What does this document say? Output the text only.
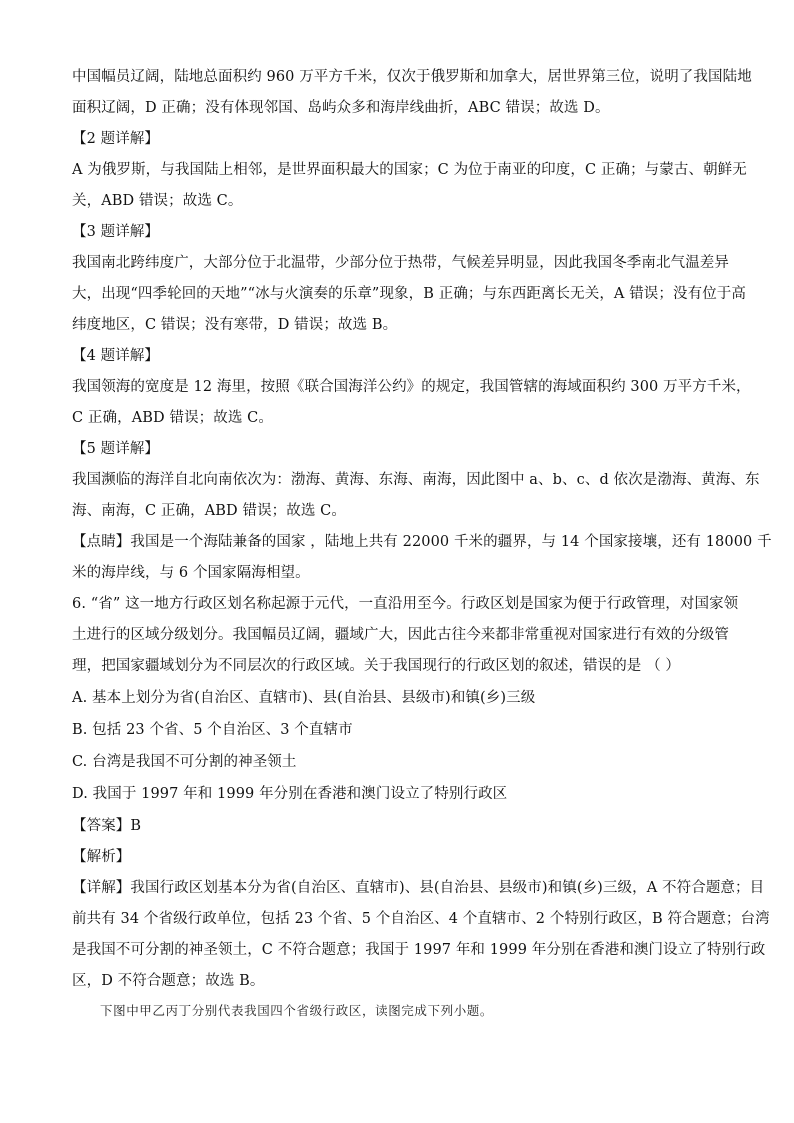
中国幅员辽阔，陆地总面积约 960 万平方千米，仅次于俄罗斯和加拿大，居世界第三位，说明了我国陆地
面积辽阔，D 正确；没有体现邻国、岛屿众多和海岸线曲折，ABC 错误；故选 D。
【2 题详解】
A 为俄罗斯，与我国陆上相邻，是世界面积最大的国家；C 为位于南亚的印度，C 正确；与蒙古、朝鲜无
关，ABD 错误；故选 C。
【3 题详解】
我国南北跨纬度广，大部分位于北温带，少部分位于热带，气候差异明显，因此我国冬季南北气温差异
大，出现“四季轮回的天地”“冰与火演奏的乐章”现象，B 正确；与东西距离长无关，A 错误；没有位于高
纬度地区，C 错误；没有寒带，D 错误；故选 B。
【4 题详解】
我国领海的宽度是 12 海里，按照《联合国海洋公约》的规定，我国管辖的海域面积约 300 万平方千米，
C 正确，ABD 错误；故选 C。
【5 题详解】
我国濒临的海洋自北向南依次为：渤海、黄海、东海、南海，因此图中 a、b、c、d 依次是渤海、黄海、东
海、南海，C 正确，ABD 错误；故选 C。
【点睛】我国是一个海陆兼备的国家 ，陆地上共有 22000 千米的疆界，与 14 个国家接壤，还有 18000 千
米的海岸线，与 6 个国家隔海相望。
6. “省” 这一地方行政区划名称起源于元代，一直沿用至今。行政区划是国家为便于行政管理，对国家领
土进行的区域分级划分。我国幅员辽阔，疆域广大，因此古往今来都非常重视对国家进行有效的分级管
理，把国家疆域划分为不同层次的行政区域。关于我国现行的行政区划的叙述，错误的是 （ ）
A. 基本上划分为省(自治区、直辖市)、县(自治县、县级市)和镇(乡)三级
B. 包括 23 个省、5 个自治区、3 个直辖市
C. 台湾是我国不可分割的神圣领土
D. 我国于 1997 年和 1999 年分别在香港和澳门设立了特别行政区
【答案】B
【解析】
【详解】我国行政区划基本分为省(自治区、直辖市)、县(自治县、县级市)和镇(乡)三级，A 不符合题意；目
前共有 34 个省级行政单位，包括 23 个省、5 个自治区、4 个直辖市、2 个特别行政区，B 符合题意；台湾
是我国不可分割的神圣领土，C 不符合题意；我国于 1997 年和 1999 年分别在香港和澳门设立了特别行政
区，D 不符合题意；故选 B。
下图中甲乙丙丁分别代表我国四个省级行政区，读图完成下列小题。
